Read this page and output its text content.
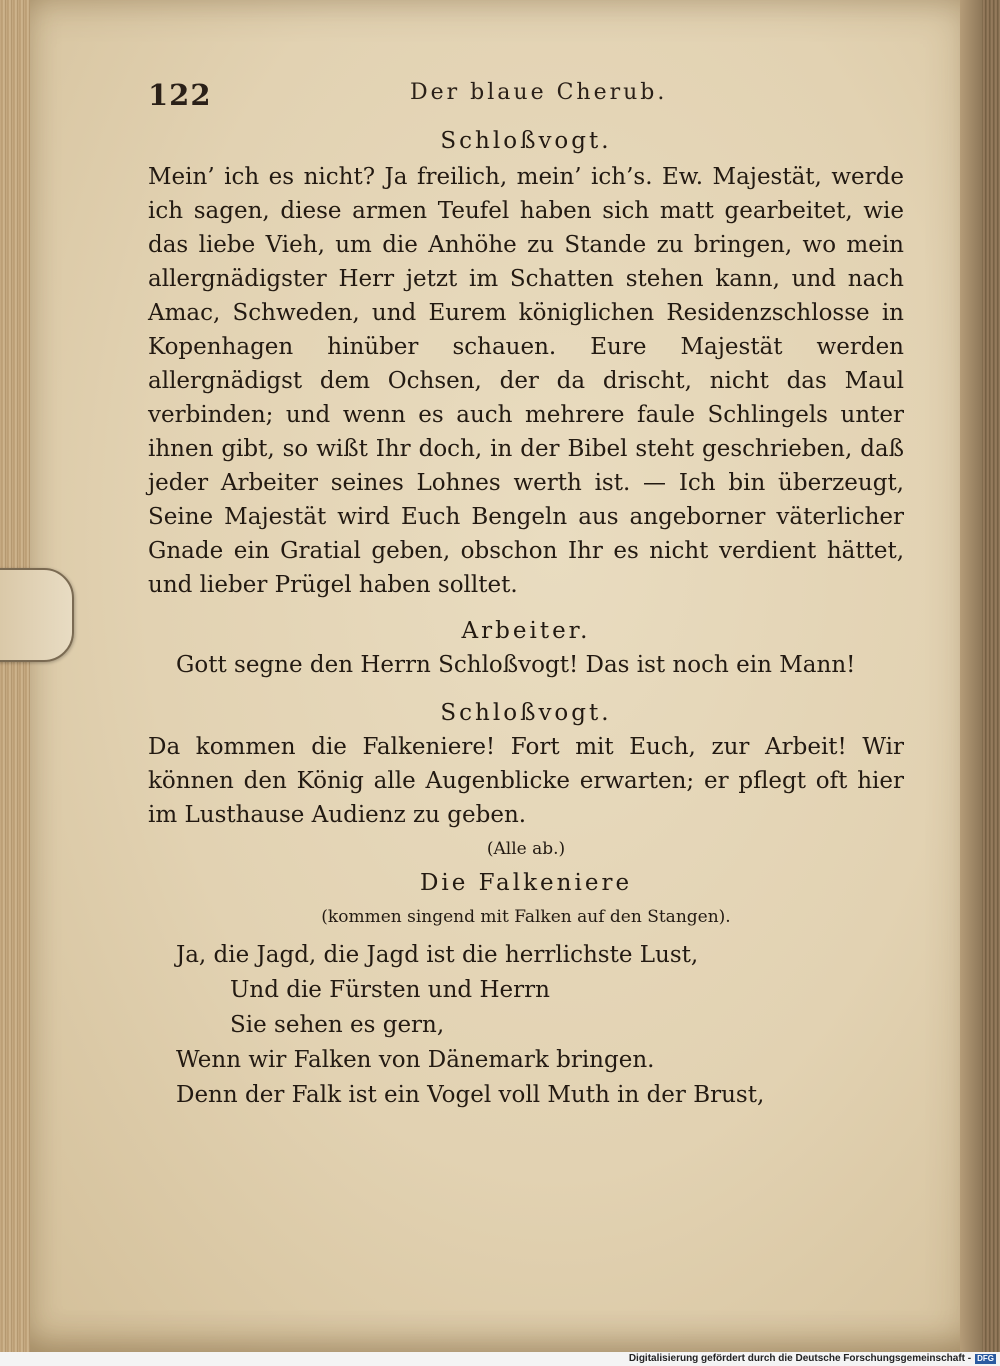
122	Der blaue Cherub.
Schloßvogt.
Mein’ ich es nicht? Ja freilich, mein’ ich’s. Ew. Majestät, werde ich sagen, diese armen Teufel haben sich matt gearbeitet, wie das liebe Vieh, um die Anhöhe zu Stande zu bringen, wo mein allergnädigster Herr jetzt im Schatten stehen kann, und nach Amac, Schweden, und Eurem königlichen Residenzschlosse in Kopenhagen hinüber schauen. Eure Majestät werden allergnädigst dem Ochsen, der da drischt, nicht das Maul verbinden; und wenn es auch mehrere faule Schlingels unter ihnen gibt, so wißt Ihr doch, in der Bibel steht geschrieben, daß jeder Arbeiter seines Lohnes werth ist. — Ich bin überzeugt, Seine Majestät wird Euch Bengeln aus angeborner väterlicher Gnade ein Gratial geben, obschon Ihr es nicht verdient hättet, und lieber Prügel haben solltet.
Arbeiter.
Gott segne den Herrn Schloßvogt! Das ist noch ein Mann!
Schloßvogt.
Da kommen die Falkeniere! Fort mit Euch, zur Arbeit! Wir können den König alle Augenblicke erwarten; er pflegt oft hier im Lusthause Audienz zu geben.
(Alle ab.)
Die Falkeniere
(kommen singend mit Falken auf den Stangen).
Ja, die Jagd, die Jagd ist die herrlichste Lust,
Und die Fürsten und Herrn
Sie sehen es gern,
Wenn wir Falken von Dänemark bringen.
Denn der Falk ist ein Vogel voll Muth in der Brust,
Digitalisierung gefördert durch die Deutsche Forschungsgemeinschaft - DFG
